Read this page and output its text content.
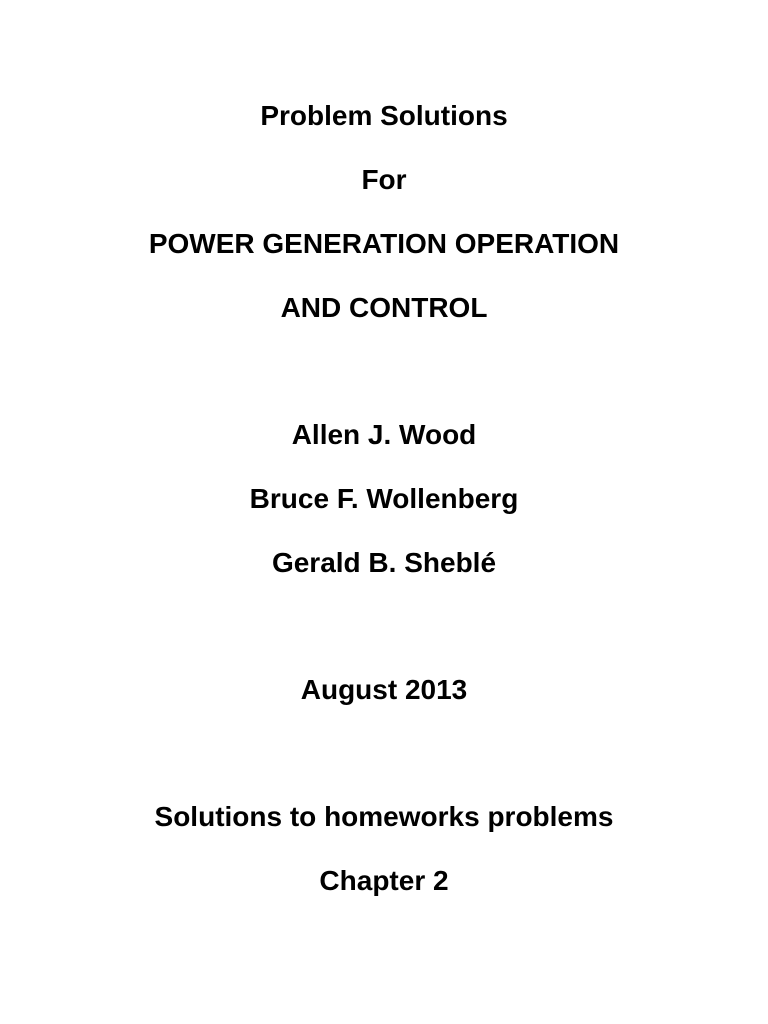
Problem Solutions
For
POWER GENERATION OPERATION
AND CONTROL
Allen J. Wood
Bruce F. Wollenberg
Gerald B. Sheblé
August 2013
Solutions to homeworks problems
Chapter 2
